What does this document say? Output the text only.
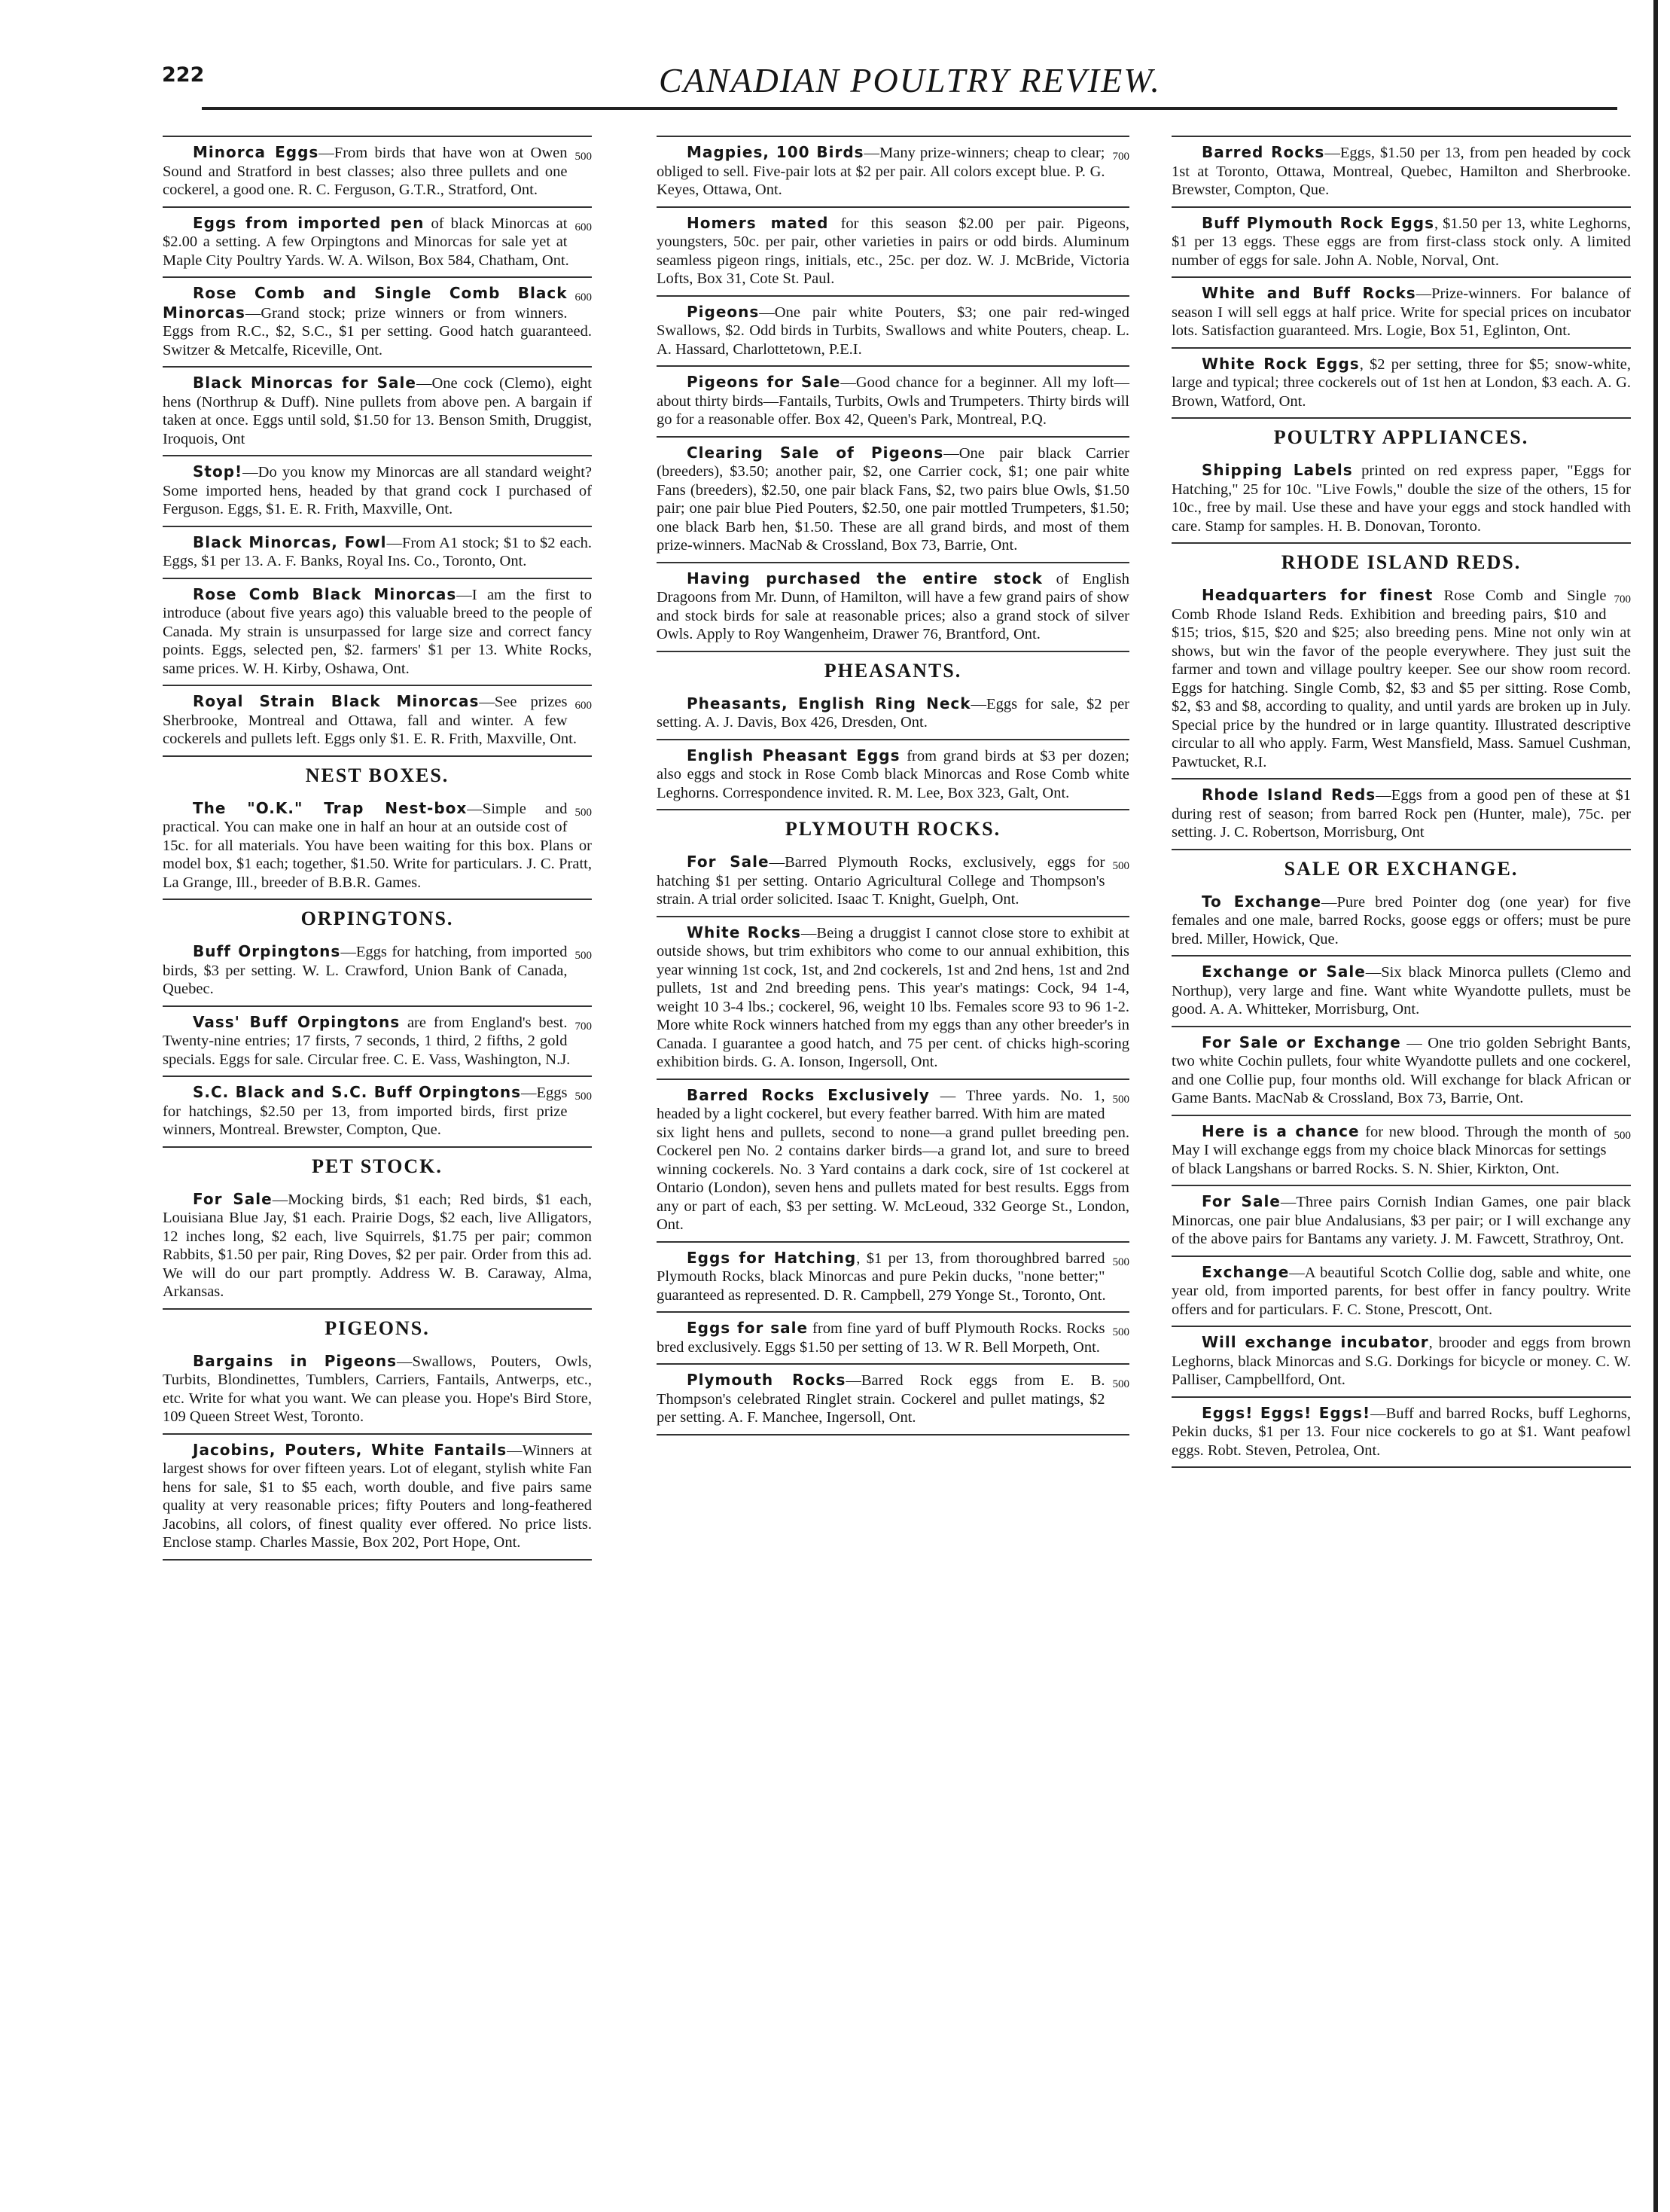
222	CANADIAN POULTRY REVIEW.
500
Minorca Eggs—From birds that have won at Owen Sound and Stratford in best classes; also three pullets and one cockerel, a good one. R. C. Ferguson, G.T.R., Stratford, Ont.
600
Eggs from imported pen of black Minorcas at $2.00 a setting. A few Orpingtons and Minorcas for sale yet at Maple City Poultry Yards. W. A. Wilson, Box 584, Chatham, Ont.
600
Rose Comb and Single Comb Black Minorcas—Grand stock; prize winners or from winners. Eggs from R.C., $2, S.C., $1 per setting. Good hatch guaranteed. Switzer & Metcalfe, Riceville, Ont.
Black Minorcas for Sale—One cock (Clemo), eight hens (Northrup & Duff). Nine pullets from above pen. A bargain if taken at once. Eggs until sold, $1.50 for 13. Benson Smith, Druggist, Iroquois, Ont
Stop!—Do you know my Minorcas are all standard weight? Some imported hens, headed by that grand cock I purchased of Ferguson. Eggs, $1. E. R. Frith, Maxville, Ont.
Black Minorcas, Fowl—From A1 stock; $1 to $2 each. Eggs, $1 per 13. A. F. Banks, Royal Ins. Co., Toronto, Ont.
Rose Comb Black Minorcas—I am the first to introduce (about five years ago) this valuable breed to the people of Canada. My strain is unsurpassed for large size and correct fancy points. Eggs, selected pen, $2. farmers' $1 per 13. White Rocks, same prices. W. H. Kirby, Oshawa, Ont.
600
Royal Strain Black Minorcas—See prizes Sherbrooke, Montreal and Ottawa, fall and winter. A few cockerels and pullets left. Eggs only $1. E. R. Frith, Maxville, Ont.
NEST BOXES.
500
The "O.K." Trap Nest-box—Simple and practical. You can make one in half an hour at an outside cost of 15c. for all materials. You have been waiting for this box. Plans or model box, $1 each; together, $1.50. Write for particulars. J. C. Pratt, La Grange, Ill., breeder of B.B.R. Games.
ORPINGTONS.
500
Buff Orpingtons—Eggs for hatching, from imported birds, $3 per setting. W. L. Crawford, Union Bank of Canada, Quebec.
700
Vass' Buff Orpingtons are from England's best. Twenty-nine entries; 17 firsts, 7 seconds, 1 third, 2 fifths, 2 gold specials. Eggs for sale. Circular free. C. E. Vass, Washington, N.J.
500
S.C. Black and S.C. Buff Orpingtons—Eggs for hatchings, $2.50 per 13, from imported birds, first prize winners, Montreal. Brewster, Compton, Que.
PET STOCK.
For Sale—Mocking birds, $1 each; Red birds, $1 each, Louisiana Blue Jay, $1 each. Prairie Dogs, $2 each, live Alligators, 12 inches long, $2 each, live Squirrels, $1.75 per pair; common Rabbits, $1.50 per pair, Ring Doves, $2 per pair. Order from this ad. We will do our part promptly. Address W. B. Caraway, Alma, Arkansas.
PIGEONS.
Bargains in Pigeons—Swallows, Pouters, Owls, Turbits, Blondinettes, Tumblers, Carriers, Fantails, Antwerps, etc., etc. Write for what you want. We can please you. Hope's Bird Store, 109 Queen Street West, Toronto.
Jacobins, Pouters, White Fantails—Winners at largest shows for over fifteen years. Lot of elegant, stylish white Fan hens for sale, $1 to $5 each, worth double, and five pairs same quality at very reasonable prices; fifty Pouters and long-feathered Jacobins, all colors, of finest quality ever offered. No price lists. Enclose stamp. Charles Massie, Box 202, Port Hope, Ont.
700
Magpies, 100 Birds—Many prize-winners; cheap to clear; obliged to sell. Five-pair lots at $2 per pair. All colors except blue. P. G. Keyes, Ottawa, Ont.
Homers mated for this season $2.00 per pair. Pigeons, youngsters, 50c. per pair, other varieties in pairs or odd birds. Aluminum seamless pigeon rings, initials, etc., 25c. per doz. W. J. McBride, Victoria Lofts, Box 31, Cote St. Paul.
Pigeons—One pair white Pouters, $3; one pair red-winged Swallows, $2. Odd birds in Turbits, Swallows and white Pouters, cheap. L. A. Hassard, Charlottetown, P.E.I.
Pigeons for Sale—Good chance for a beginner. All my loft—about thirty birds—Fantails, Turbits, Owls and Trumpeters. Thirty birds will go for a reasonable offer. Box 42, Queen's Park, Montreal, P.Q.
Clearing Sale of Pigeons—One pair black Carrier (breeders), $3.50; another pair, $2, one Carrier cock, $1; one pair white Fans (breeders), $2.50, one pair black Fans, $2, two pairs blue Owls, $1.50 pair; one pair blue Pied Pouters, $2.50, one pair mottled Trumpeters, $1.50; one black Barb hen, $1.50. These are all grand birds, and most of them prize-winners. MacNab & Crossland, Box 73, Barrie, Ont.
Having purchased the entire stock of English Dragoons from Mr. Dunn, of Hamilton, will have a few grand pairs of show and stock birds for sale at reasonable prices; also a grand stock of silver Owls. Apply to Roy Wangenheim, Drawer 76, Brantford, Ont.
PHEASANTS.
Pheasants, English Ring Neck—Eggs for sale, $2 per setting. A. J. Davis, Box 426, Dresden, Ont.
English Pheasant Eggs from grand birds at $3 per dozen; also eggs and stock in Rose Comb black Minorcas and Rose Comb white Leghorns. Correspondence invited. R. M. Lee, Box 323, Galt, Ont.
PLYMOUTH ROCKS.
500
For Sale—Barred Plymouth Rocks, exclusively, eggs for hatching $1 per setting. Ontario Agricultural College and Thompson's strain. A trial order solicited. Isaac T. Knight, Guelph, Ont.
White Rocks—Being a druggist I cannot close store to exhibit at outside shows, but trim exhibitors who come to our annual exhibition, this year winning 1st cock, 1st, and 2nd cockerels, 1st and 2nd hens, 1st and 2nd pullets, 1st and 2nd breeding pens. This year's matings: Cock, 94 1-4, weight 10 3-4 lbs.; cockerel, 96, weight 10 lbs. Females score 93 to 96 1-2. More white Rock winners hatched from my eggs than any other breeder's in Canada. I guarantee a good hatch, and 75 per cent. of chicks high-scoring exhibition birds. G. A. Ionson, Ingersoll, Ont.
500
Barred Rocks Exclusively — Three yards. No. 1, headed by a light cockerel, but every feather barred. With him are mated six light hens and pullets, second to none—a grand pullet breeding pen. Cockerel pen No. 2 contains darker birds—a grand lot, and sure to breed winning cockerels. No. 3 Yard contains a dark cock, sire of 1st cockerel at Ontario (London), seven hens and pullets mated for best results. Eggs from any or part of each, $3 per setting. W. McLeoud, 332 George St., London, Ont.
500
Eggs for Hatching, $1 per 13, from thoroughbred barred Plymouth Rocks, black Minorcas and pure Pekin ducks, "none better;" guaranteed as represented. D. R. Campbell, 279 Yonge St., Toronto, Ont.
500
Eggs for sale from fine yard of buff Plymouth Rocks. Rocks bred exclusively. Eggs $1.50 per setting of 13. W R. Bell Morpeth, Ont.
500
Plymouth Rocks—Barred Rock eggs from E. B. Thompson's celebrated Ringlet strain. Cockerel and pullet matings, $2 per setting. A. F. Manchee, Ingersoll, Ont.
Barred Rocks—Eggs, $1.50 per 13, from pen headed by cock 1st at Toronto, Ottawa, Montreal, Quebec, Hamilton and Sherbrooke. Brewster, Compton, Que.
Buff Plymouth Rock Eggs, $1.50 per 13, white Leghorns, $1 per 13 eggs. These eggs are from first-class stock only. A limited number of eggs for sale. John A. Noble, Norval, Ont.
White and Buff Rocks—Prize-winners. For balance of season I will sell eggs at half price. Write for special prices on incubator lots. Satisfaction guaranteed. Mrs. Logie, Box 51, Eglinton, Ont.
White Rock Eggs, $2 per setting, three for $5; snow-white, large and typical; three cockerels out of 1st hen at London, $3 each. A. G. Brown, Watford, Ont.
POULTRY APPLIANCES.
Shipping Labels printed on red express paper, "Eggs for Hatching," 25 for 10c. "Live Fowls," double the size of the others, 15 for 10c., free by mail. Use these and have your eggs and stock handled with care. Stamp for samples. H. B. Donovan, Toronto.
RHODE ISLAND REDS.
700
Headquarters for finest Rose Comb and Single Comb Rhode Island Reds. Exhibition and breeding pairs, $10 and $15; trios, $15, $20 and $25; also breeding pens. Mine not only win at shows, but win the favor of the people everywhere. They just suit the farmer and town and village poultry keeper. See our show room record. Eggs for hatching. Single Comb, $2, $3 and $5 per sitting. Rose Comb, $2, $3 and $8, according to quality, and until yards are broken up in July. Special price by the hundred or in large quantity. Illustrated descriptive circular to all who apply. Farm, West Mansfield, Mass. Samuel Cushman, Pawtucket, R.I.
Rhode Island Reds—Eggs from a good pen of these at $1 during rest of season; from barred Rock pen (Hunter, male), 75c. per setting. J. C. Robertson, Morrisburg, Ont
SALE OR EXCHANGE.
To Exchange—Pure bred Pointer dog (one year) for five females and one male, barred Rocks, goose eggs or offers; must be pure bred. Miller, Howick, Que.
Exchange or Sale—Six black Minorca pullets (Clemo and Northup), very large and fine. Want white Wyandotte pullets, must be good. A. A. Whitteker, Morrisburg, Ont.
For Sale or Exchange — One trio golden Sebright Bants, two white Cochin pullets, four white Wyandotte pullets and one cockerel, and one Collie pup, four months old. Will exchange for black African or Game Bants. MacNab & Crossland, Box 73, Barrie, Ont.
500
Here is a chance for new blood. Through the month of May I will exchange eggs from my choice black Minorcas for settings of black Langshans or barred Rocks. S. N. Shier, Kirkton, Ont.
For Sale—Three pairs Cornish Indian Games, one pair black Minorcas, one pair blue Andalusians, $3 per pair; or I will exchange any of the above pairs for Bantams any variety. J. M. Fawcett, Strathroy, Ont.
Exchange—A beautiful Scotch Collie dog, sable and white, one year old, from imported parents, for best offer in fancy poultry. Write offers and for particulars. F. C. Stone, Prescott, Ont.
Will exchange incubator, brooder and eggs from brown Leghorns, black Minorcas and S.G. Dorkings for bicycle or money. C. W. Palliser, Campbellford, Ont.
Eggs! Eggs! Eggs!—Buff and barred Rocks, buff Leghorns, Pekin ducks, $1 per 13. Four nice cockerels to go at $1. Want peafowl eggs. Robt. Steven, Petrolea, Ont.
